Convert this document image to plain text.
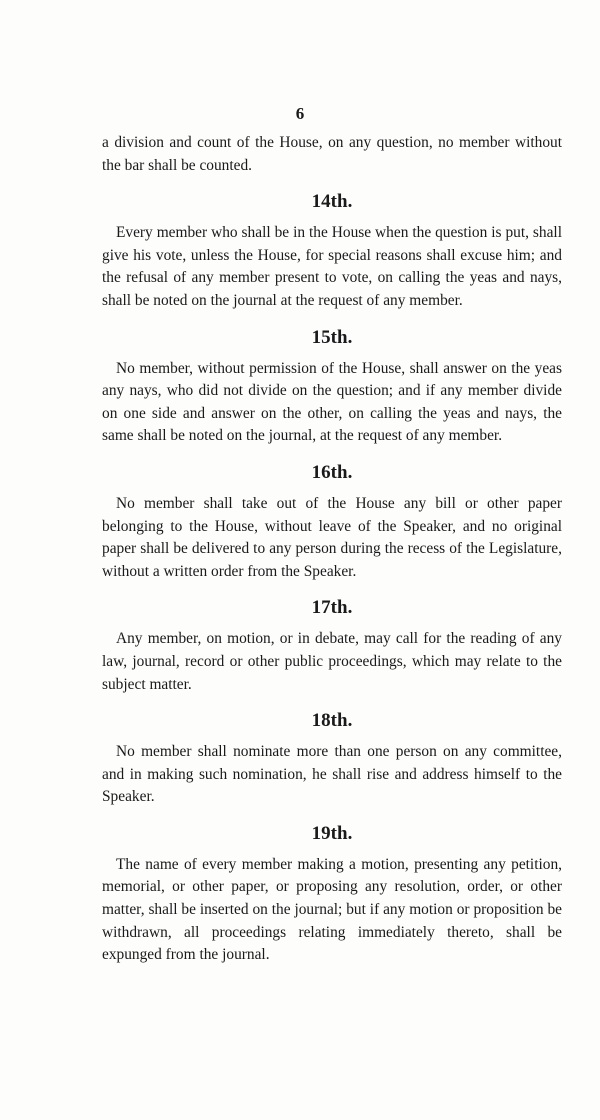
6

a division and count of the House, on any question, no member without the bar shall be counted.

14th.

Every member who shall be in the House when the question is put, shall give his vote, unless the House, for special reasons shall excuse him; and the refusal of any member present to vote, on calling the yeas and nays, shall be noted on the journal at the request of any member.

15th.

No member, without permission of the House, shall answer on the yeas any nays, who did not divide on the question; and if any member divide on one side and answer on the other, on calling the yeas and nays, the same shall be noted on the journal, at the request of any member.

16th.

No member shall take out of the House any bill or other paper belonging to the House, without leave of the Speaker, and no original paper shall be delivered to any person during the recess of the Legislature, without a written order from the Speaker.

17th.

Any member, on motion, or in debate, may call for the reading of any law, journal, record or other public proceedings, which may relate to the subject matter.

18th.

No member shall nominate more than one person on any committee, and in making such nomination, he shall rise and address himself to the Speaker.

19th.

The name of every member making a motion, presenting any petition, memorial, or other paper, or proposing any resolution, order, or other matter, shall be inserted on the journal; but if any motion or proposition be withdrawn, all proceedings relating immediately thereto, shall be expunged from the journal.
